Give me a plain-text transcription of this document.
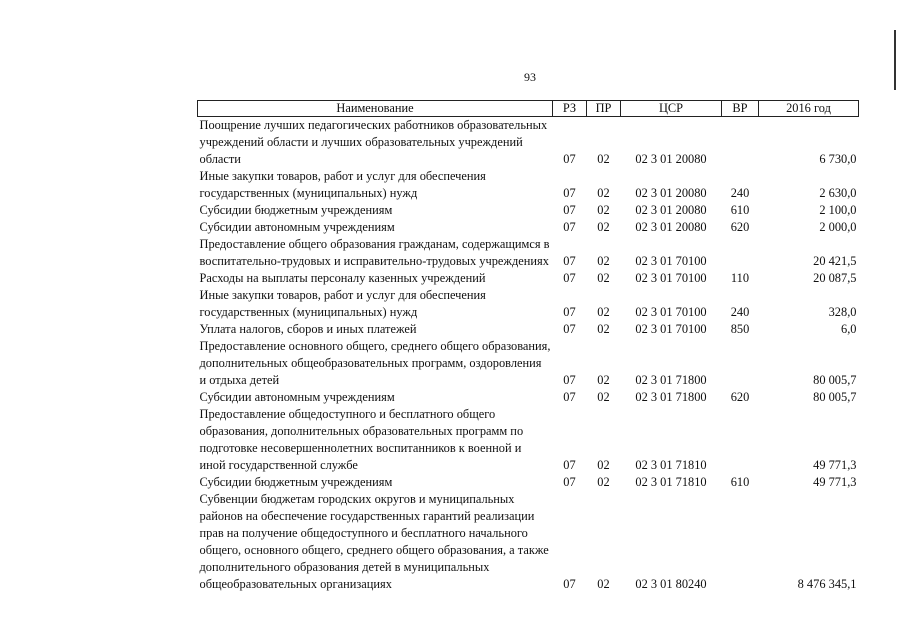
93
Наименование	РЗ	ПР	ЦСР	ВР	2016 год
Поощрение лучших педагогических работников образовательных учреждений области и лучших образовательных учреждений области	07	02	02 3 01 20080		6 730,0
Иные закупки товаров, работ и услуг для обеспечения государственных (муниципальных) нужд	07	02	02 3 01 20080	240	2 630,0
Субсидии бюджетным учреждениям	07	02	02 3 01 20080	610	2 100,0
Субсидии автономным учреждениям	07	02	02 3 01 20080	620	2 000,0
Предоставление общего образования гражданам, содержащимся в воспитательно-трудовых и исправительно-трудовых учреждениях	07	02	02 3 01 70100		20 421,5
Расходы на выплаты персоналу казенных учреждений	07	02	02 3 01 70100	110	20 087,5
Иные закупки товаров, работ и услуг для обеспечения государственных (муниципальных) нужд	07	02	02 3 01 70100	240	328,0
Уплата налогов, сборов и иных платежей	07	02	02 3 01 70100	850	6,0
Предоставление основного общего, среднего общего образования, дополнительных общеобразовательных программ, оздоровления и отдыха детей	07	02	02 3 01 71800		80 005,7
Субсидии автономным учреждениям	07	02	02 3 01 71800	620	80 005,7
Предоставление общедоступного и бесплатного общего образования, дополнительных образовательных программ по подготовке несовершеннолетних воспитанников к военной и иной государственной службе	07	02	02 3 01 71810		49 771,3
Субсидии бюджетным учреждениям	07	02	02 3 01 71810	610	49 771,3
Субвенции бюджетам городских округов и муниципальных районов на обеспечение государственных гарантий реализации прав на получение общедоступного и бесплатного начального общего, основного общего, среднего общего образования, а также дополнительного образования детей в муниципальных общеобразовательных организациях	07	02	02 3 01 80240		8 476 345,1
